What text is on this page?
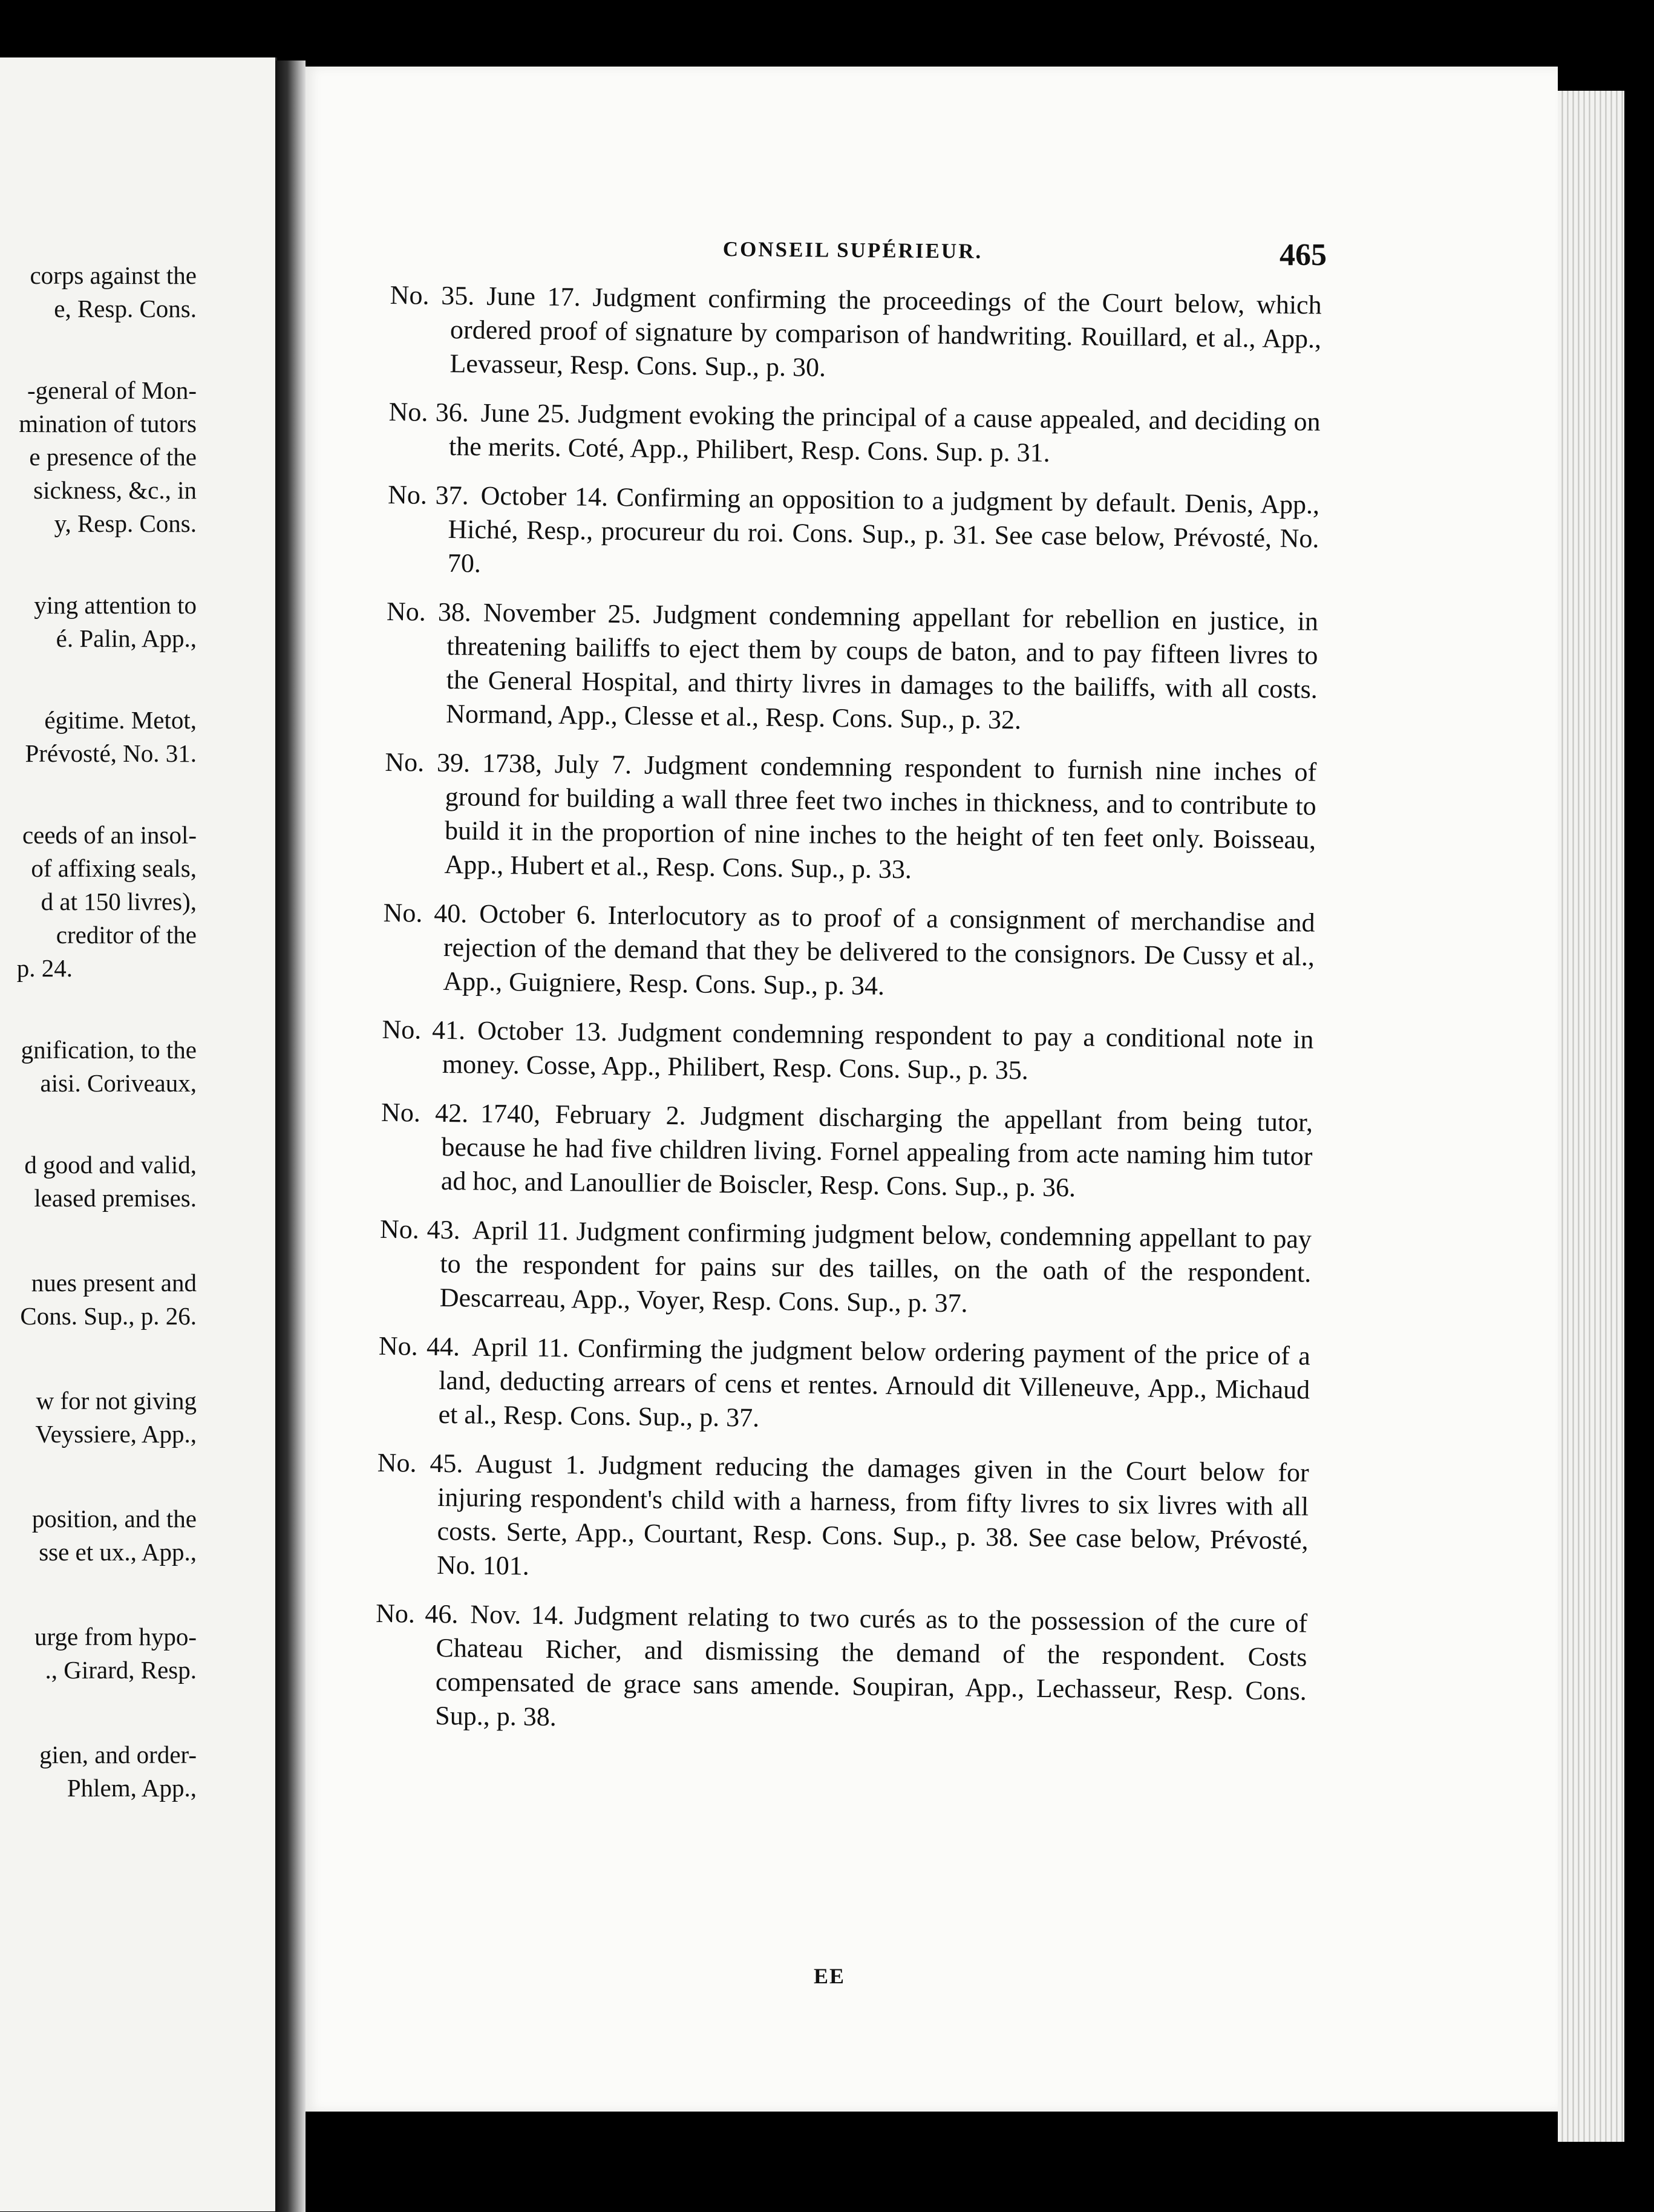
corps against the
e, Resp. Cons.
-general of Mon-
mination of tutors
e presence of the
sickness, &c., in
y, Resp. Cons.
ying attention to
é. Palin, App.,
égitime. Metot,
Prévosté, No. 31.
ceeds of an insol-
of affixing seals,
d at 150 livres),
creditor of the
p. 24.
gnification, to the
aisi. Coriveaux,
d good and valid,
leased premises.
nues present and
Cons. Sup., p. 26.
w for not giving
Veyssiere, App.,
position, and the
sse et ux., App.,
urge from hypo-
., Girard, Resp.
gien, and order-
Phlem, App.,
CONSEIL SUPÉRIEUR.	465
No. 35. June 17. Judgment confirming the proceedings of the Court below, which ordered proof of signature by comparison of handwriting. Rouillard, et al., App., Levasseur, Resp. Cons. Sup., p. 30.
No. 36. June 25. Judgment evoking the principal of a cause appealed, and deciding on the merits. Coté, App., Philibert, Resp. Cons. Sup. p. 31.
No. 37. October 14. Confirming an opposition to a judgment by default. Denis, App., Hiché, Resp., procureur du roi. Cons. Sup., p. 31. See case below, Prévosté, No. 70.
No. 38. November 25. Judgment condemning appellant for rebellion en justice, in threatening bailiffs to eject them by coups de baton, and to pay fifteen livres to the General Hospital, and thirty livres in damages to the bailiffs, with all costs. Normand, App., Clesse et al., Resp. Cons. Sup., p. 32.
No. 39. 1738, July 7. Judgment condemning respondent to furnish nine inches of ground for building a wall three feet two inches in thickness, and to contribute to build it in the proportion of nine inches to the height of ten feet only. Boisseau, App., Hubert et al., Resp. Cons. Sup., p. 33.
No. 40. October 6. Interlocutory as to proof of a consignment of merchandise and rejection of the demand that they be delivered to the consignors. De Cussy et al., App., Guigniere, Resp. Cons. Sup., p. 34.
No. 41. October 13. Judgment condemning respondent to pay a conditional note in money. Cosse, App., Philibert, Resp. Cons. Sup., p. 35.
No. 42. 1740, February 2. Judgment discharging the appellant from being tutor, because he had five children living. Fornel appealing from acte naming him tutor ad hoc, and Lanoullier de Boiscler, Resp. Cons. Sup., p. 36.
No. 43. April 11. Judgment confirming judgment below, condemning appellant to pay to the respondent for pains sur des tailles, on the oath of the respondent. Descarreau, App., Voyer, Resp. Cons. Sup., p. 37.
No. 44. April 11. Confirming the judgment below ordering payment of the price of a land, deducting arrears of cens et rentes. Arnould dit Villeneuve, App., Michaud et al., Resp. Cons. Sup., p. 37.
No. 45. August 1. Judgment reducing the damages given in the Court below for injuring respondent's child with a harness, from fifty livres to six livres with all costs. Serte, App., Courtant, Resp. Cons. Sup., p. 38. See case below, Prévosté, No. 101.
No. 46. Nov. 14. Judgment relating to two curés as to the possession of the cure of Chateau Richer, and dismissing the demand of the respondent. Costs compensated de grace sans amende. Soupiran, App., Lechasseur, Resp. Cons. Sup., p. 38.
EE
